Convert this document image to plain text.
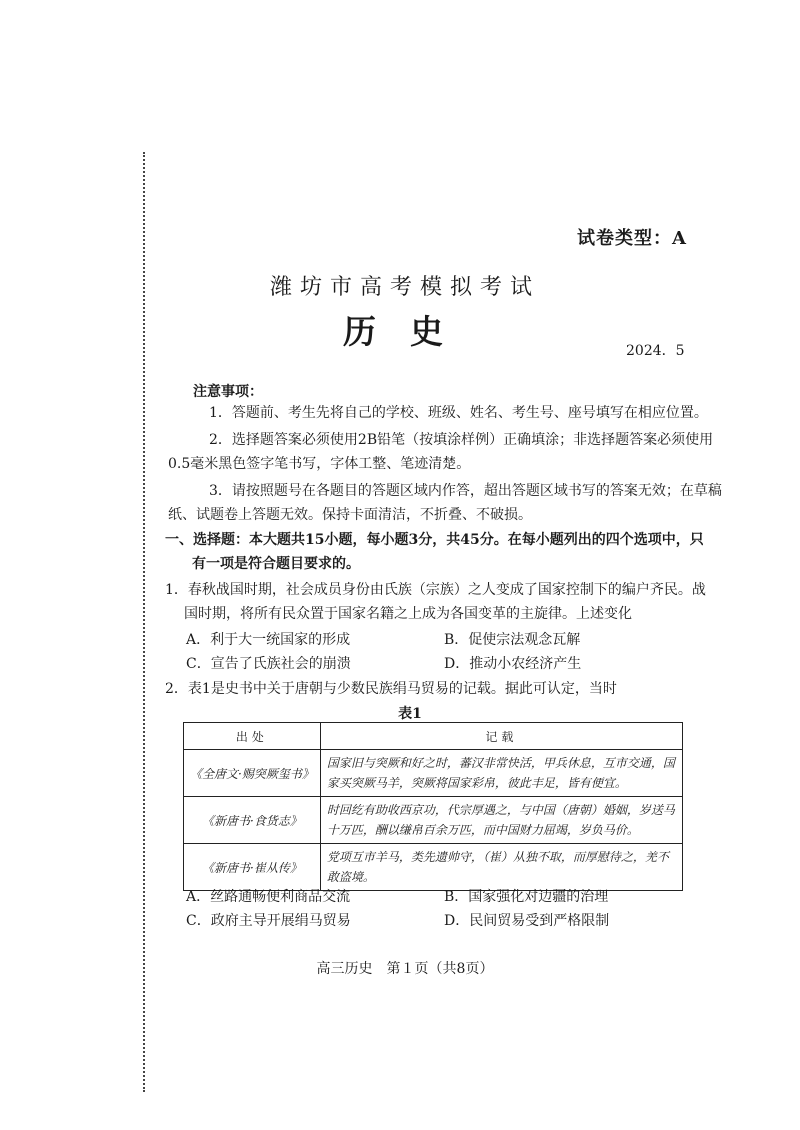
试卷类型：A
潍坊市高考模拟考试
历史	2024．5
注意事项：
1．答题前、考生先将自己的学校、班级、姓名、考生号、座号填写在相应位置。
2．选择题答案必须使用2B铅笔（按填涂样例）正确填涂；非选择题答案必须使用
0.5毫米黑色签字笔书写，字体工整、笔迹清楚。
3．请按照题号在各题目的答题区域内作答，超出答题区域书写的答案无效；在草稿
纸、试题卷上答题无效。保持卡面清洁，不折叠、不破损。
一、选择题：本大题共15小题，每小题3分，共45分。在每小题列出的四个选项中，只
有一项是符合题目要求的。
1．春秋战国时期，社会成员身份由氏族（宗族）之人变成了国家控制下的编户齐民。战
国时期，将所有民众置于国家名籍之上成为各国变革的主旋律。上述变化
A．利于大一统国家的形成	B．促使宗法观念瓦解
C．宣告了氏族社会的崩溃	D．推动小农经济产生
2．表1是史书中关于唐朝与少数民族绢马贸易的记载。据此可认定，当时
表1
出处	记载
《全唐文·赐突厥玺书》	国家旧与突厥和好之时，蕃汉非常快活，甲兵休息，互市交通，国家买突厥马羊，突厥将国家彩帛，彼此丰足，皆有便宜。
《新唐书·食货志》	时回纥有助收西京功，代宗厚遇之，与中国（唐朝）婚姻，岁送马十万匹，酬以缣帛百余万匹，而中国财力屈竭，岁负马价。
《新唐书·崔从传》	党项互市羊马，类先遗帅守，（崔）从独不取，而厚慰待之，羌不敢盗境。
A．丝路通畅便利商品交流	B．国家强化对边疆的治理
C．政府主导开展绢马贸易	D．民间贸易受到严格限制
高三历史　第１页（共8页）
